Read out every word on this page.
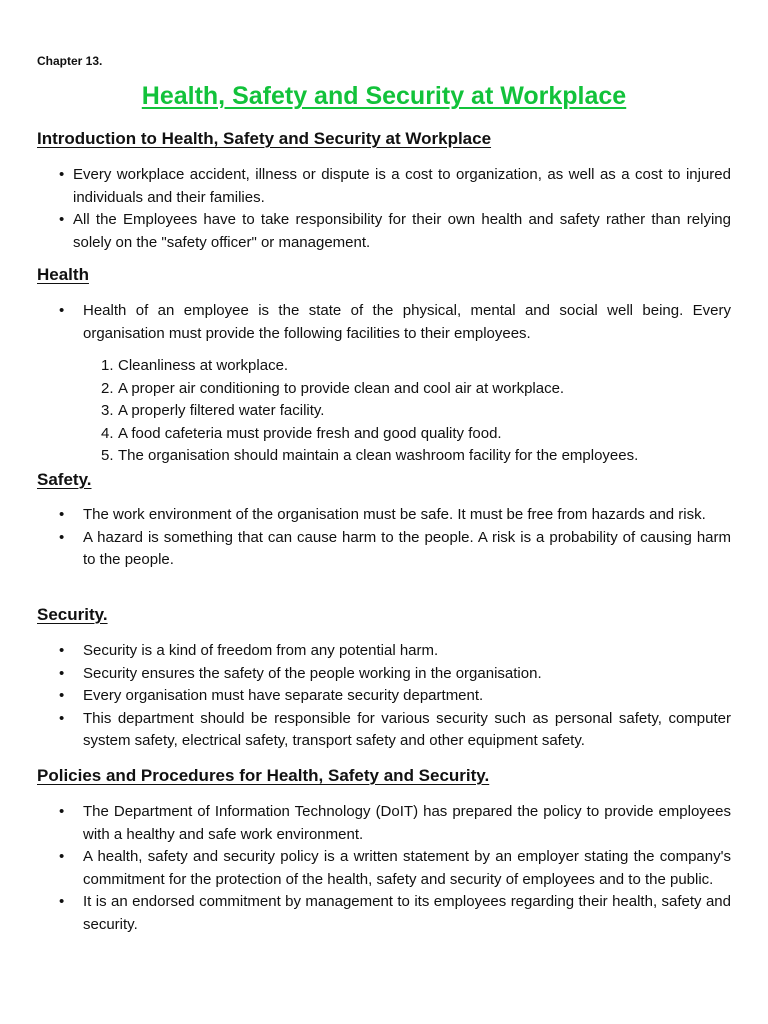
Chapter 13.
Health, Safety and Security at Workplace
Introduction to Health, Safety and Security at Workplace
• Every workplace accident, illness or dispute is a cost to organization, as well as a cost to injured individuals and their families.
• All the Employees have to take responsibility for their own health and safety rather than relying solely on the "safety officer" or management.
Health
• Health of an employee is the state of the physical, mental and social well being. Every organisation must provide the following facilities to their employees.
1. Cleanliness at workplace.
2. A proper air conditioning to provide clean and cool air at workplace.
3. A properly filtered water facility.
4. A food cafeteria must provide fresh and good quality food.
5. The organisation should maintain a clean washroom facility for the employees.
Safety.
• The work environment of the organisation must be safe. It must be free from hazards and risk.
• A hazard is something that can cause harm to the people. A risk is a probability of causing harm to the people.
Security.
• Security is a kind of freedom from any potential harm.
• Security ensures the safety of the people working in the organisation.
• Every organisation must have separate security department.
• This department should be responsible for various security such as personal safety, computer system safety, electrical safety, transport safety and other equipment safety.
Policies and Procedures for Health, Safety and Security.
• The Department of Information Technology (DoIT) has prepared the policy to provide employees with a healthy and safe work environment.
• A health, safety and security policy is a written statement by an employer stating the company's commitment for the protection of the health, safety and security of employees and to the public.
• It is an endorsed commitment by management to its employees regarding their health, safety and security.
